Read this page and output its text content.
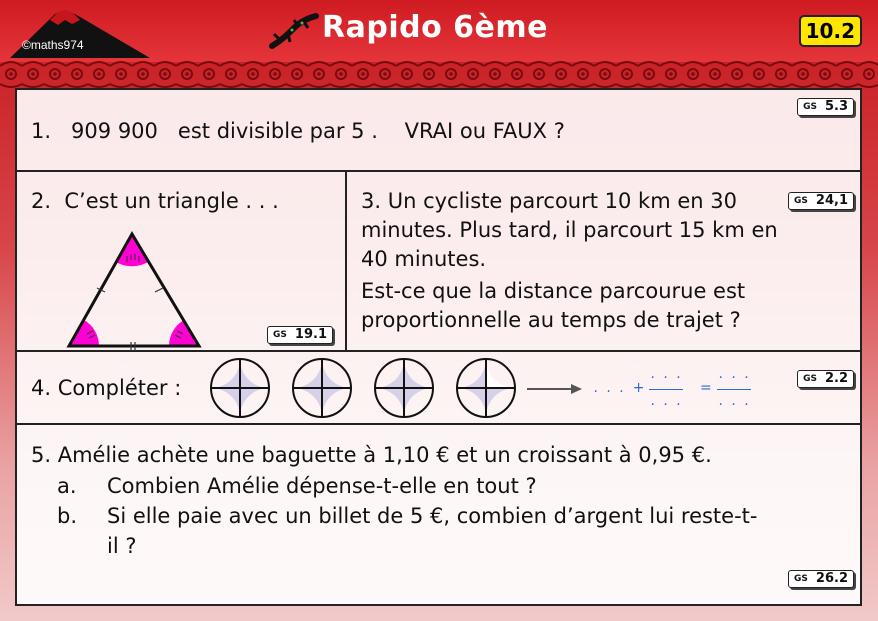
©maths974	Rapido 6ème	10.2
1.   909 900   est divisible par 5 .    VRAI ou FAUX ?
GS 5.3
2.  C’est un triangle . . .
GS 19.1
3. Un cycliste parcourt 10 km en 30
minutes. Plus tard, il parcourt 15 km en
40 minutes.
Est-ce que la distance parcourue est
proportionnelle au temps de trajet ?
GS 24,1
4. Compléter :	. . . +
. . .
. . .
=
. . .
. . .
GS 2.2
5. Amélie achète une baguette à 1,10 € et un croissant à 0,95 €.
a. Combien Amélie dépense-t-elle en tout ?
b. Si elle paie avec un billet de 5 €, combien d’argent lui reste-t-
il ?
GS 26.2
